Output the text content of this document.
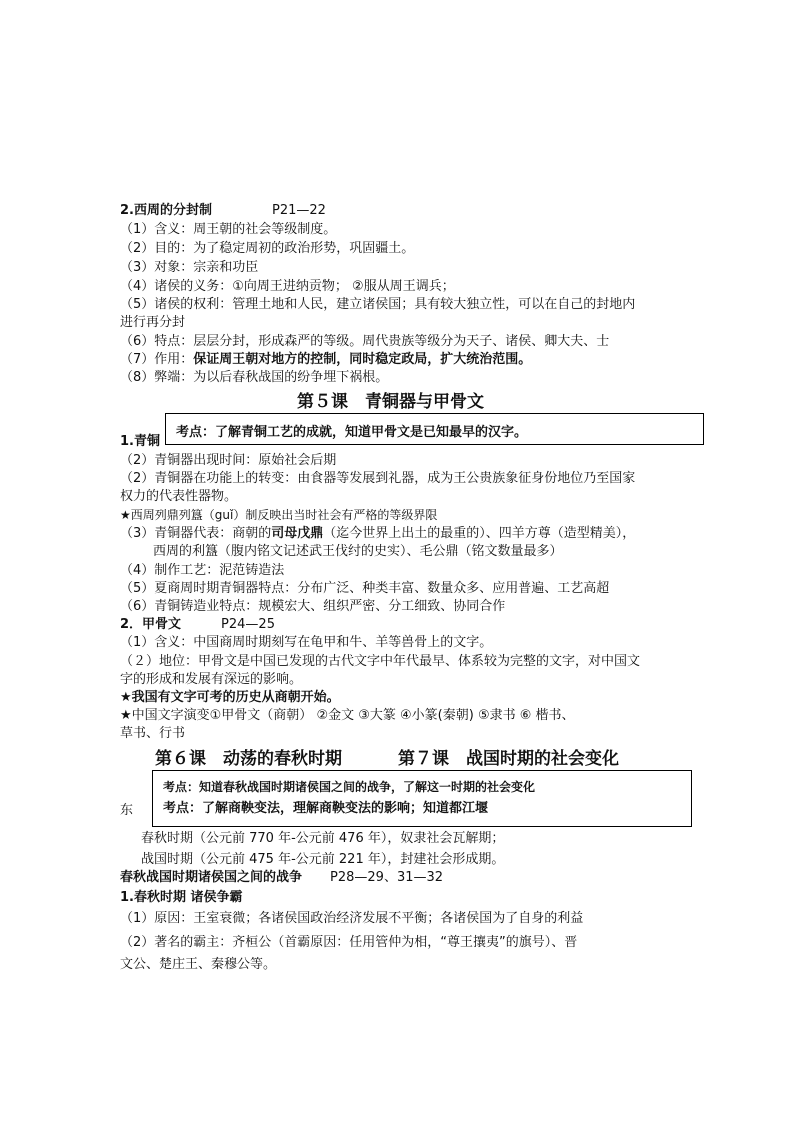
2.西周的分封制	P21—22
（1）含义：周王朝的社会等级制度。
（2）目的：为了稳定周初的政治形势，巩固疆土。
（3）对象：宗亲和功臣
（4）诸侯的义务：①向周王进纳贡物； ②服从周王调兵；
（5）诸侯的权利：管理土地和人民，建立诸侯国；具有较大独立性，可以在自己的封地内
进行再分封
（6）特点：层层分封，形成森严的等级。周代贵族等级分为天子、诸侯、卿大夫、士
（7）作用：保证周王朝对地方的控制，同时稳定政局，扩大统治范围。
（8）弊端：为以后春秋战国的纷争埋下祸根。
第５课　青铜器与甲骨文
1.青铜
考点：了解青铜工艺的成就，知道甲骨文是已知最早的汉字。
（2）青铜器出现时间：原始社会后期
（2）青铜器在功能上的转变：由食器等发展到礼器，成为王公贵族象征身份地位乃至国家
权力的代表性器物。
★西周列鼎列簋（guǐ）制反映出当时社会有严格的等级界限
（3）青铜器代表：商朝的司母戊鼎（迄今世界上出土的最重的）、四羊方尊（造型精美），
西周的利簋（腹内铭文记述武王伐纣的史实）、毛公鼎（铭文数量最多）
（4）制作工艺：泥范铸造法
（5）夏商周时期青铜器特点：分布广泛、种类丰富、数量众多、应用普遍、工艺高超
（6）青铜铸造业特点：规模宏大、组织严密、分工细致、协同合作
2．甲骨文	P24—25
（1）含义：中国商周时期刻写在龟甲和牛、羊等兽骨上的文字。
（２）地位：甲骨文是中国已发现的古代文字中年代最早、体系较为完整的文字，对中国文
字的形成和发展有深远的影响。
★我国有文字可考的历史从商朝开始。
★中国文字演变①甲骨文（商朝） ②金文 ③大篆 ④小篆(秦朝) ⑤隶书 ⑥ 楷书、
草书、行书
第６课　动荡的春秋时期	第７课　战国时期的社会变化
东
考点：知道春秋战国时期诸侯国之间的战争，了解这一时期的社会变化
考点：了解商鞅变法，理解商鞅变法的影响；知道都江堰
春秋时期（公元前 770 年-公元前 476 年），奴隶社会瓦解期；
战国时期（公元前 475 年-公元前 221 年），封建社会形成期。
春秋战国时期诸侯国之间的战争 P28—29、31—32
1.春秋时期 诸侯争霸
（1）原因：王室衰微；各诸侯国政治经济发展不平衡；各诸侯国为了自身的利益
（2）著名的霸主：齐桓公（首霸原因：任用管仲为相，“尊王攘夷”的旗号）、晋
文公、楚庄王、秦穆公等。
